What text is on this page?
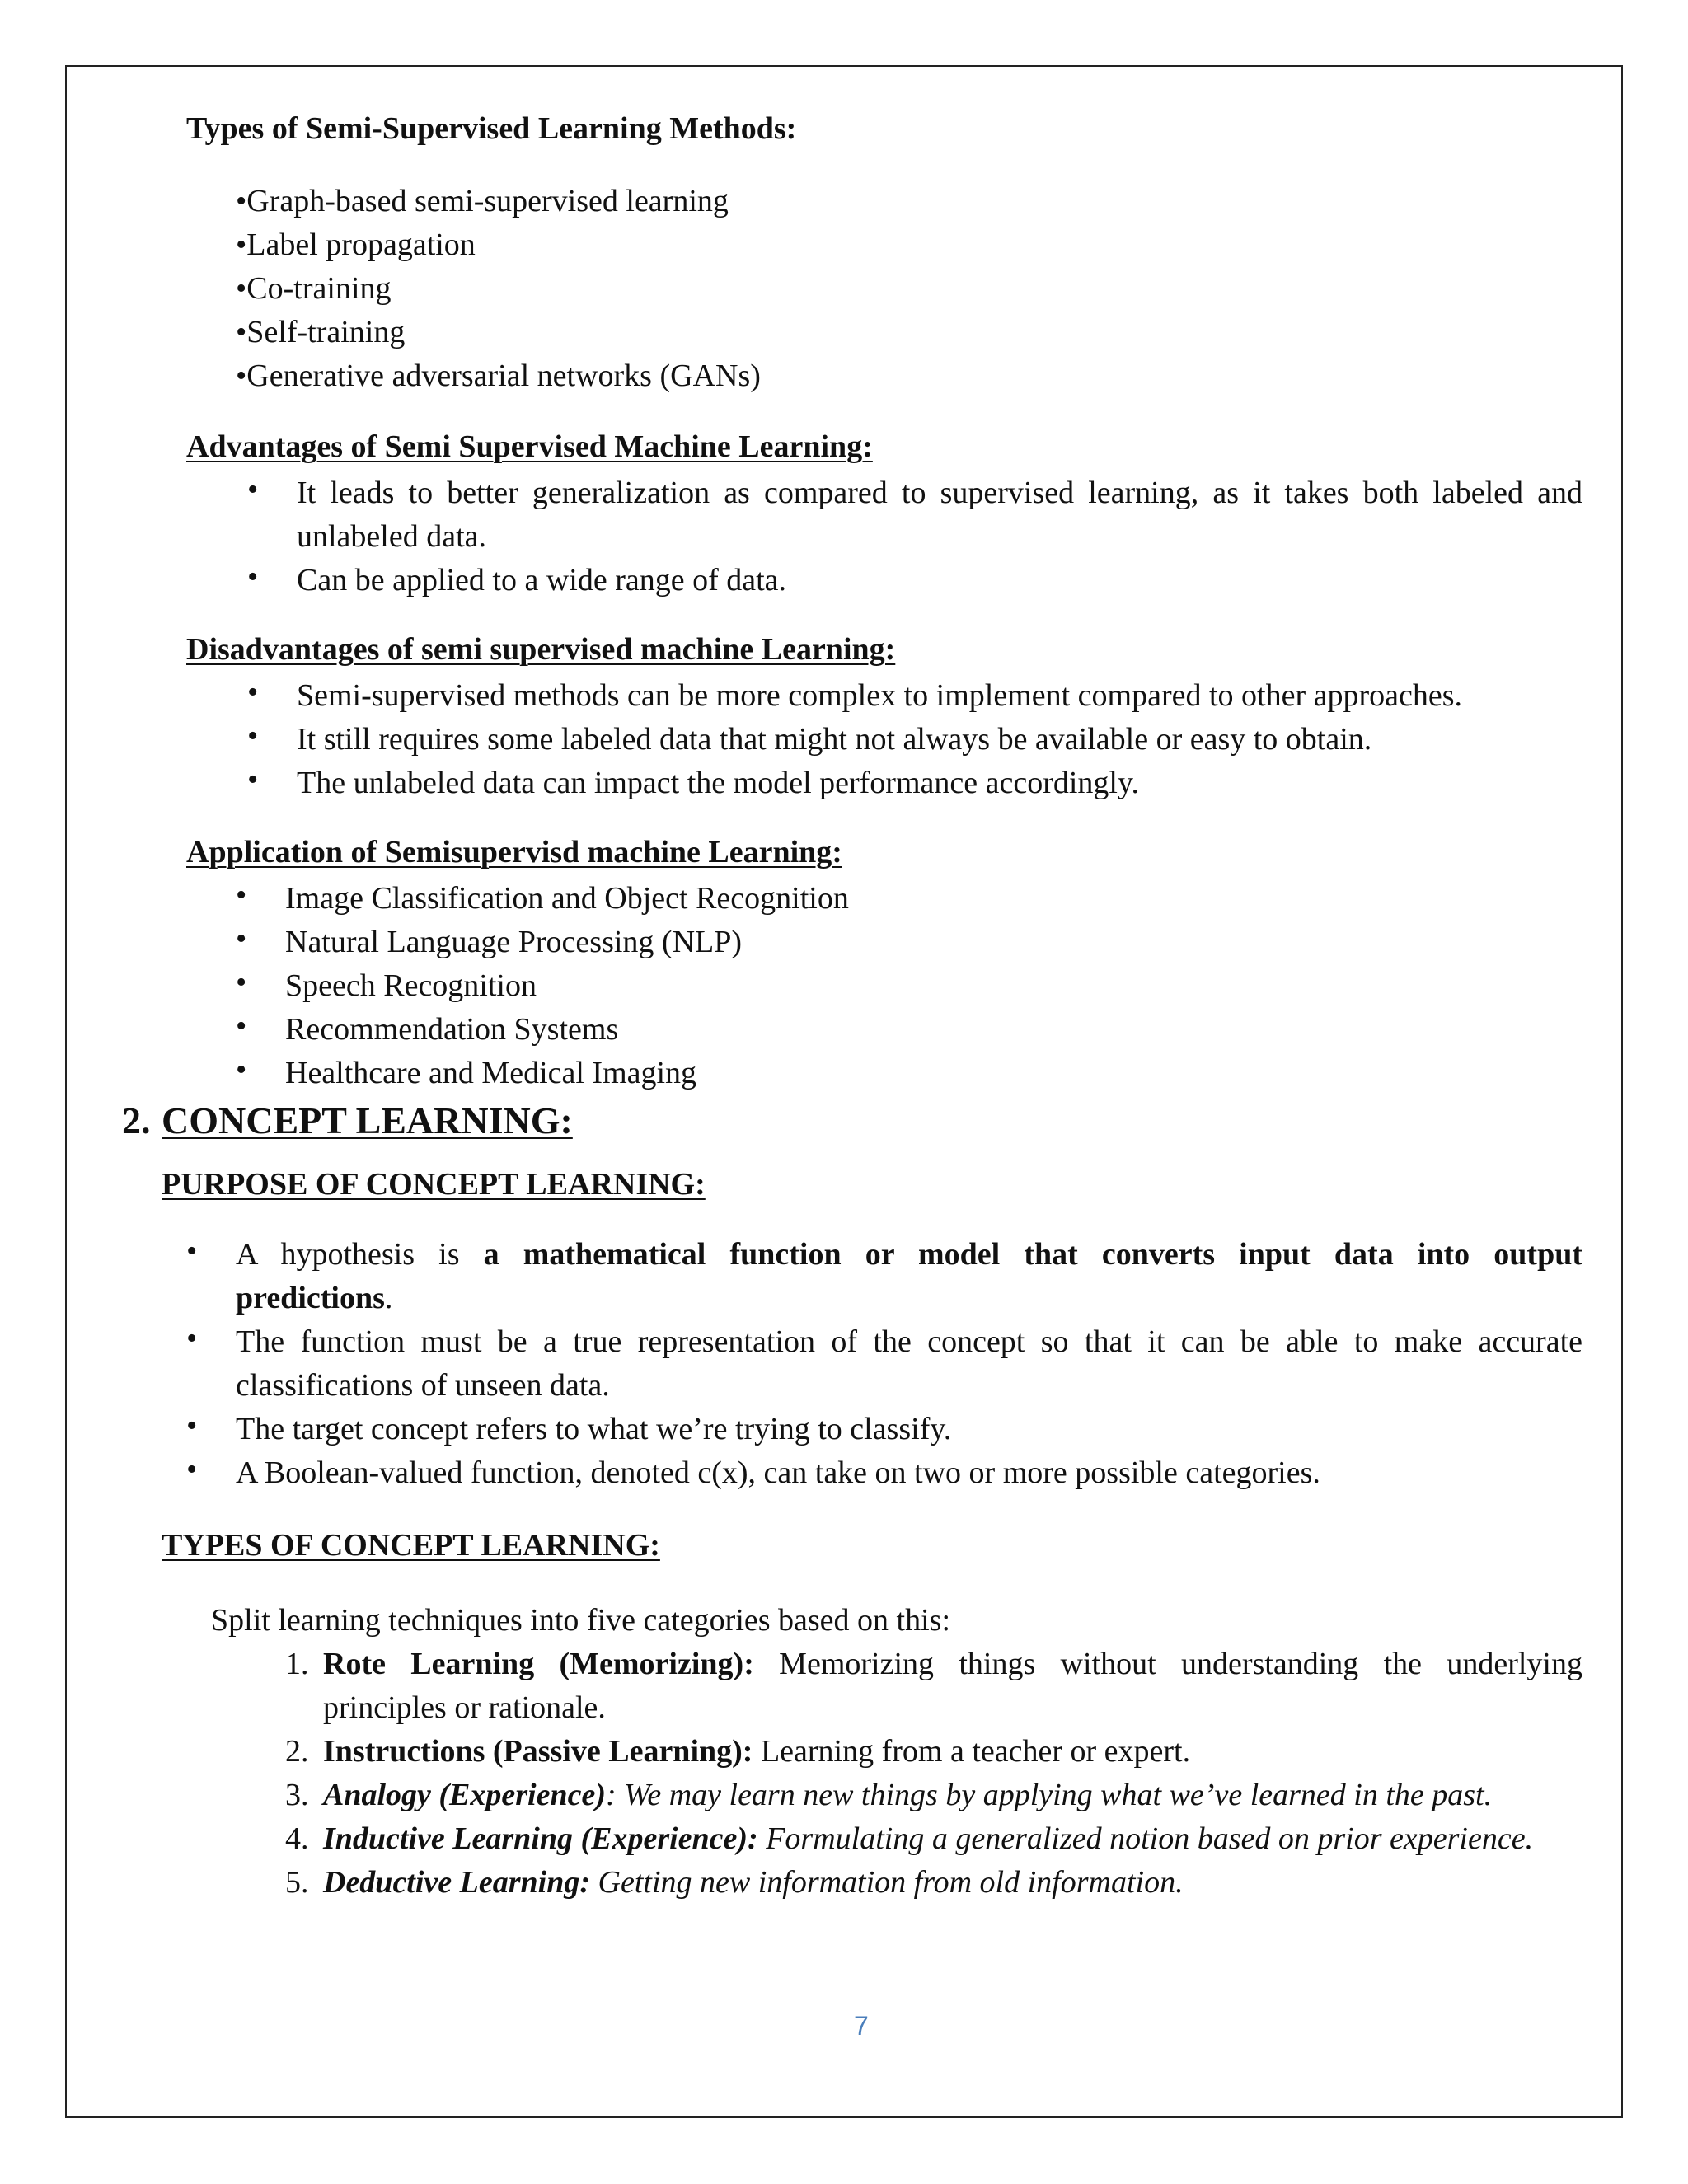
Types of Semi-Supervised Learning Methods:
•Graph-based semi-supervised learning
•Label propagation
•Co-training
•Self-training
•Generative adversarial networks (GANs)
Advantages of Semi Supervised Machine Learning:
• It leads to better generalization as compared to supervised learning, as it takes both labeled and
unlabeled data.
• Can be applied to a wide range of data.
Disadvantages of semi supervised machine Learning:
• Semi-supervised methods can be more complex to implement compared to other approaches.
• It still requires some labeled data that might not always be available or easy to obtain.
• The unlabeled data can impact the model performance accordingly.
Application of Semisupervisd machine Learning:
• Image Classification and Object Recognition
• Natural Language Processing (NLP)
• Speech Recognition
• Recommendation Systems
• Healthcare and Medical Imaging
2. CONCEPT LEARNING:
PURPOSE OF CONCEPT LEARNING:
• A hypothesis is a mathematical function or model that converts input data into output
predictions.
• The function must be a true representation of the concept so that it can be able to make accurate
classifications of unseen data.
• The target concept refers to what we’re trying to classify.
• A Boolean-valued function, denoted c(x), can take on two or more possible categories.
TYPES OF CONCEPT LEARNING:
Split learning techniques into five categories based on this:
1. Rote Learning (Memorizing): Memorizing things without understanding the underlying
principles or rationale.
2. Instructions (Passive Learning): Learning from a teacher or expert.
3. Analogy (Experience): We may learn new things by applying what we’ve learned in the past.
4. Inductive Learning (Experience): Formulating a generalized notion based on prior experience.
5. Deductive Learning: Getting new information from old information.
7
